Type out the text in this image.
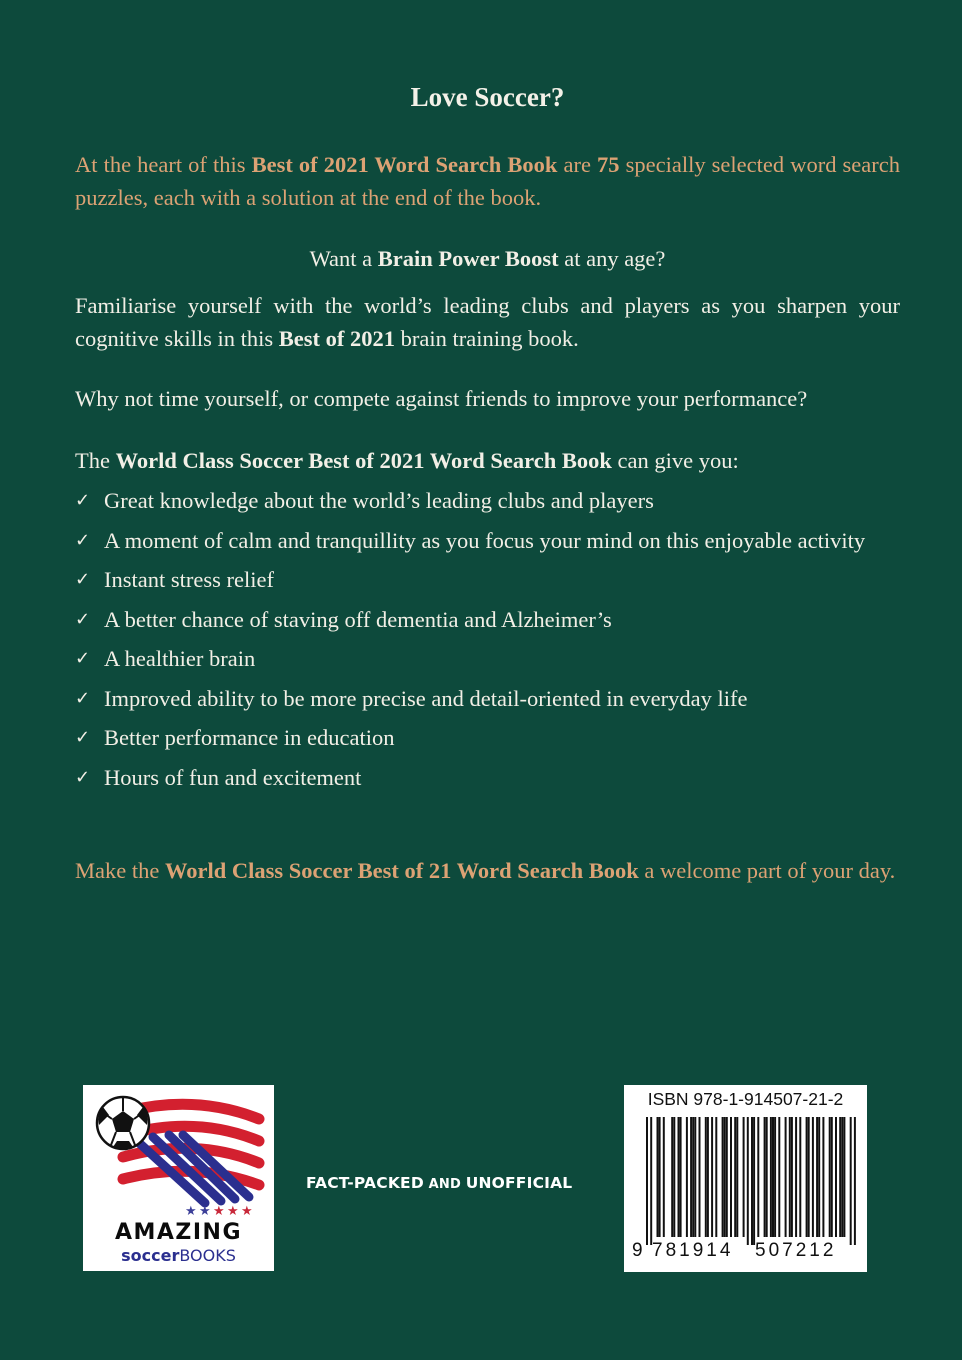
Love Soccer?

At the heart of this Best of 2021 Word Search Book are 75 specially selected word search puzzles, each with a solution at the end of the book.

Want a Brain Power Boost at any age?

Familiarise yourself with the world’s leading clubs and players as you sharpen your cognitive skills in this Best of 2021 brain training book.

Why not time yourself, or compete against friends to improve your performance?

The World Class Soccer Best of 2021 Word Search Book can give you:

✓ Great knowledge about the world’s leading clubs and players
✓ A moment of calm and tranquillity as you focus your mind on this enjoyable activity
✓ Instant stress relief
✓ A better chance of staving off dementia and Alzheimer’s
✓ A healthier brain
✓ Improved ability to be more precise and detail-oriented in everyday life
✓ Better performance in education
✓ Hours of fun and excitement

Make the World Class Soccer Best of 21 Word Search Book a welcome part of your day.

★ ★ ★ ★ ★
AMAZING
soccerBOOKS
FACT-PACKED AND UNOFFICIAL
ISBN 978-1-914507-21-2
9 781914 507212
